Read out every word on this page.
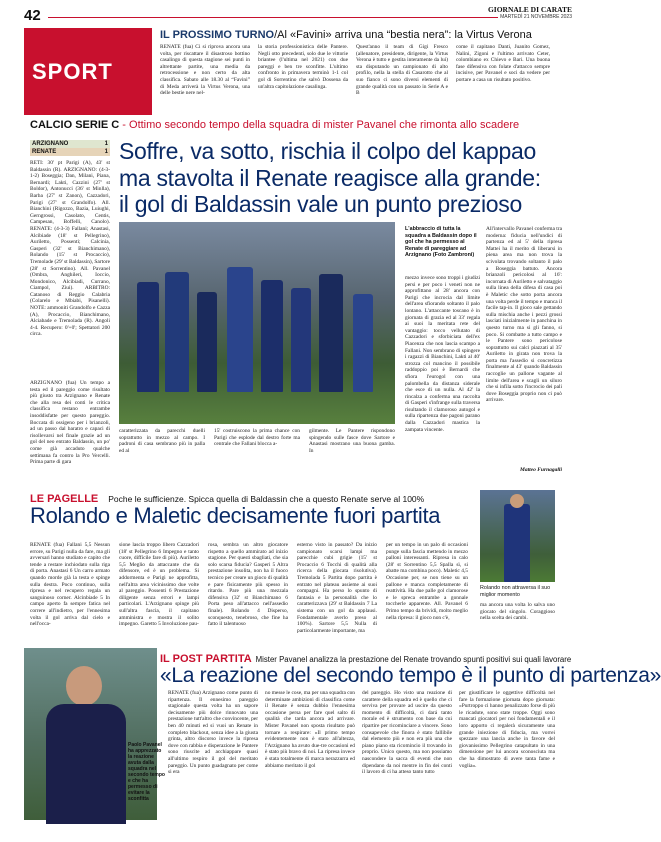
42	GIORNALE DI CARATE
MARTEDÌ 21 NOVEMBRE 2023
SPORT
IL PROSSIMO TURNO/Al «Favini» arriva una “bestia nera”: la Virtus Verona
RENATE (fua) Ci si riprova ancora una volta, per riscattare il disastroso bottino casalingo di questa stagione sei punti in altrettante partite, una media da retrocessione e non certo da alta classifica. Sabato alle 18.30 al “Favini” di Meda arriverà la Virtus Verona, una delle bestie nere nel-
la storia professionistica delle Pantere. Negli otto precedenti, solo due le vittorie briantee (l'ultima nel 2021) con due pareggi e ben tre sconfitte. L'ultimo confronto in primavera terminò 1-1 col gol di Sorrentino che salvò Dossena da un'altra capitolazione casalinga.
Quest'anno il team di Gigi Fresco (allenatore, presidente, dirigente, la Virtus Verona è tutto e gestita interamente da lui) sta disputando un campionato di alto profilo, nella la stella di Casarotto che al suo fianco ci sono diversi elementi di grande qualità con un passato in Serie A e B
come il capitano Danti, Juanito Gomez, Nalini, Zigoni e l'ultimo arrivato Ceter, colombiano ex Chievo e Bari. Una buona fase difensiva con folate d'attacco sempre incisive, per Pavanel e soci da vedere per portare a casa un risultato positivo.
CALCIO SERIE C - Ottimo secondo tempo della squadra di mister Pavanel che rimonta allo scadere
ARZIGNANO	1
RENATE	1
RETI: 30' pt Parigi (A), 43' st Baldassin (R). ARZIGNANO: (4-3-1-2) Boseggia; Dan, Milani, Piana, Bernardi; Lakti, Cazzini (27' st Boldor), Antonucci (36' st Minlla), Barba (27' st Zanon), Cazzadori, Parigi (27' st Grandolfo). All. Bianchini (Rigozzo, Bazia, Luiughi, Gerngrossi, Casolato, Centis, Campesan, Boffelli, Canolo). RENATE: (4-3-3) Fallani; Anastasi, Alcibiade (18' st Pellegrino), Auriletto, Possenti; Calcinia, Gasperi (32' st Bianchimano), Rolando (15' st Procaccio), Tremolade (29' st Baldassin), Sartore (28' st Sorrentino). All. Pavanel (Ombra, Anghileri, Ioccio, Mondonico, Alcibiadi, Currano, Ciampol, Ziui). ARBITRO: Catanoso di Reggio Calabria (Colarelo e Mbiabi, Pisanelli). NOTE: ammoniti Grandolfo e Cazza (A), Procaccio, Bianchimano, Alciabade e Tremolada (R). Angoli 4-4. Recupero: 0'+0'; Spettatori 200 circa.
ARZIGNANO (fua) Un tempo a testa ed il pareggio come risultato più giusto tra Arzignano e Renate che alla resa dei conti le critica classifica restano entrambe insoddisfatte per questo pareggio. Boccata di ossigeno per i brianzoli, ad un passo dal baratro e capaci di risollevarsi nel finale grazie ad un gol del neo entrato Baldassin, un po' come già accaduto qualche settimana fa contro la Pro Vercelli. Prima parte di gara
Soffre, va sotto, rischia il colpo del kappao
ma stavolta il Renate reagisce alla grande:
il gol di Baldassin vale un punto prezioso
caratterizzata da parecchi duelli soprattutto in mezzo al campo. I padroni di casa sembrano più in palla ed al
15' costruiscono la prima chance con Parigi che esplode dal destro forte ma centrale che Fallani blocca a-
gilmente. Le Pantere rispondono spingendo sulle fasce dove Sartore e Anastasi mostrano una buona gamba. In
L'abbraccio di tutta la squadra a Baldassin dopo il gol che ha permesso al Renate di pareggiare ad Arzignano (Foto Zambroni)
mezzo invece sono troppi i giudizi persi e per poco i veneti non ne approfittano al 28' ancora con Parigi che incrocia dal limite dell'area sfiorando soltanto il palo lontano. L'attaccante toscano è in giornata di grazia ed al 33' regala ai suoi la meritata rete del vantaggio: tocco vellutato di Cazzadori e sforbiciata dell'ex Piacenza che non lascia scampo a Fallani. Non sembrano di spingere i ragazzi di Bianchini, Lakti al 40' strozza col mancino il possibile raddoppio poi è Bernardi che sfiora l'eurogol con una palombella da distanza siderale che esce di un nulla. Al 42' la rincalza a conferma una raccolta di Gasperi s'infrange sulla traversa risultando il clamoroso autogol e sulla ripartenza due pagoni parano dalla Cazzadori mastica la zampata vincente.
All'intervallo Pavanel conferma tra moderna: fiducia nell'undici di partenza ed al 5' della ripresa Mattei ha il merito di liberarsi in piena area ma non trova la scivolata trovando soltanto il palo a Boseggia battuto. Ancora brianzoli pericolosi al 16': incornata di Auriletto e salvataggio sulla linea della difesa di casa poi è Maletic che sotto porta ancora una volta perde il tempo e manca il facile tap-in. Il gioco sale gettando sulla mischia anche i pezzi grossi lasciati inizialmente in panchina in questo turno ma si gli fanno, si poco. Si combatte a tutto campo e le Pantere sono pericolose soprattutto sui calci piazzati al 35' Auriletto in girata non trova la porta ma l'assedio si concretizza finalmente al 43' quando Baldassin raccoglie un pallone vagante al limite dell'area e scagli un siluro che si infila sotto l'incrocio dei pali dove Boseggia proprio non ci può arrivare.
Matteo Furnagalli
LE PAGELLE Poche le sufficienze. Spicca quella di Baldassin che a questo Renate serve al 100%
Rolando e Maletic decisamente fuori partita
RENATE (fua) Fallani 5,5 Nessun errore, su Parigi nulla da fare, ma gli avversari hanno studiato e capito che tende a restare inchiodato sulla riga di porta. Anastasi 6 Un carro armato quando morde già la testa e spinge sulla destra. Poco continuo, sulla ripresa e nel recupero regala un sanguinoso corner. Alcinbiade 5 In campo aperto fa sempre fatica nel correre all'indietro, per l'ennesima volta il gol arriva dal cielo e nell'occa-
sione lascia troppo libero Cazzadori (18' st Pellegrino 6 Impegno e tanto cuore, diffícile fare di più). Auriletto 5,5 Meglio da attaccante che da difensore, ed è un problema. Si addormenta e Parigi ne approfitta, nell'altra area vicinissimo due volte al pareggio. Possenti 6 Prestazione diligente senza errori e lampi particolari. L'Arzignano spinge più sull'altra fascia, il capitano amministra e mostra il solito impegno. Garetto 5 Involuzione pau-
rosa, sembra un altro giocatore rispetto a quello ammirato ad inizio stagione. Per questi sbagliati, che sia solo scarsa fiducia? Gasperi 5 Altra prestazione insolita, non ha il fuoco tecnico per creare un gioco di qualità e pare fisicamente più spesso in ritardo. Pare più una mezzala difensiva (32' st Bianchimano 6 Porta peso all'attacco nell'assedio finale). Rolando 4 Disperso, sconquesto, tenebroso, che fine ha fatto il talentuoso
esterno visto in passato? Da inizio campionato scarsi lampi ma parecchie cubi grigie (15' st Procaccio 6 Tocchi di qualità alla ricerca della giocata risolutiva). Tremolada 5 Partita dopo partita è entrato nel plateau assieme ai suoi compagni. Ha perso lo spunto di fantasia e la personalità che lo caratterizzava (29' st Baldassin 7 La sistema con un gol da applausi. Fondamentale averlo preso al 100%). Sartore 5,5 Nulla di particolarmente importante, ma
per un tempo in un palo di occasioni punge sulla fascia mettendo in mezzo palloni interessanti. Ripresa in calo (28' st Sorrentino 5,5 Spalla sì, si abatte ma combina poco). Maletic 4,5 Occasione per, se non tiene su un pallone e manca completamente di reattività. Ha due palle gol clamorose e le spreca entrambe a gonnale toccherle apparente. All. Pavanel 6 Primo tempo da brividi, molto meglio nella ripresa: il gioco non c'è,
Rolando non attraversa il suo miglior momento
ma ancora una volta lo salva uno giocato del singolo. Coraggioso nella scelta dei cambi.
IL POST PARTITA Mister Pavanel analizza la prestazione del Renate trovando spunti positivi sui quali lavorare
«La reazione del secondo tempo è il punto di partenza»
Paolo Pavanel ha apprezzato la reazione avuta dalla squadra nel secondo tempo e che ha permesso di evitare la sconfitta
RENATE (fua) Arzignano come punto di ripartenza. Il ennesimo pareggio stagionale questa volta ha un sapore decisamente più dolce rinnovato una prestazione tutt'altro che convincente, per ben 40 minuti ed si vuoi un Renate in completo blackout, senza idee a la giusta grinta, altro discorso invece la ripresa dove con rabbia e disperazione le Pantere sono riuscite ad acchiappare quasi all'ultimo respiro il gol del meritato pareggio. Un punto guadagnato per come si era
no messe le cose, ma per una squadra con determinate ambizioni di classifica come il Renate è senza dubbio l'ennesima occasione persa per fare quel salto di qualità che tarda ancora ad arrivare. Mister Pavanel non sposta risultato può tornare a respirare: «Il primo tempo evidentemente non è stato all'altezza, l'Arzignano ha avuto due-tre occasioni ed è stato più bravo di noi. La ripresa invece è stata totalmente di marca nerazzurra ed abbiamo meritato il gol
del pareggio. Ho visto una reazione di carattere della squadra ed è quello che ci serviva per provare ad uscire da questo momento di difficoltà, ci dará tanto morale ed è strumento con base da cui ripartire per ricominciare a vincere. Sono consapevole che finora è stato fallibile dal elemento più e non era più una che piano piano sta ricomincio il trovando in proprio. Unico questo, ma non possiamo nascondere la sacca di eventi che non dipendano da noi mentre in fin dei conti il lavoro di ci ha atteso tanto tutto
per giustificare le oggettive difficoltà nel fare la formazione giornata dopo giornata: «Purtroppo ci hanno penalizzato forse di più le ricadute, sono state troppe. Oggi sono mancati giocatori per noi fondamentali e il loro apporto ci regalerà sicuramente una grande iniezione di fiducia, ma vorrei spezzare una lancia anche in favore del giovanissimo Pellegrino catapultato in una dimensione per lui ancora sconosciuta ma che ha dimostrato di avere tanta fame e voglia».
